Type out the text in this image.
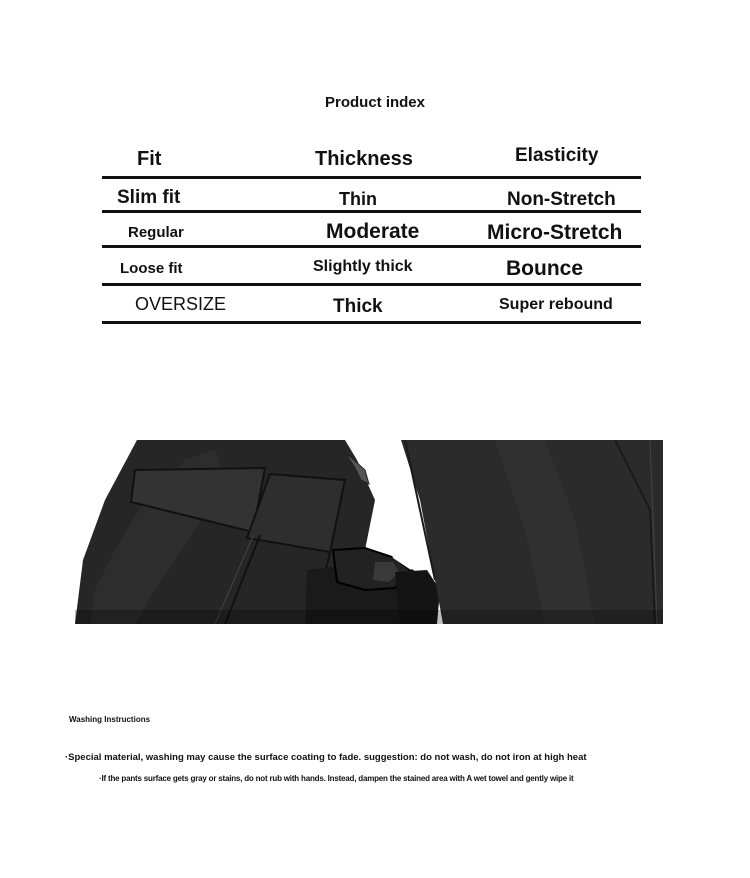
Product index
Fit	Thickness	Elasticity
Slim fit	Thin	Non-Stretch
Regular	Moderate	Micro-Stretch
Loose fit	Slightly thick	Bounce
OVERSIZE	Thick	Super rebound
Washing Instructions
·Special material, washing may cause the surface coating to fade. suggestion: do not wash, do not iron at high heat
·If the pants surface gets gray or stains, do not rub with hands. Instead, dampen the stained area with A wet towel and gently wipe it
